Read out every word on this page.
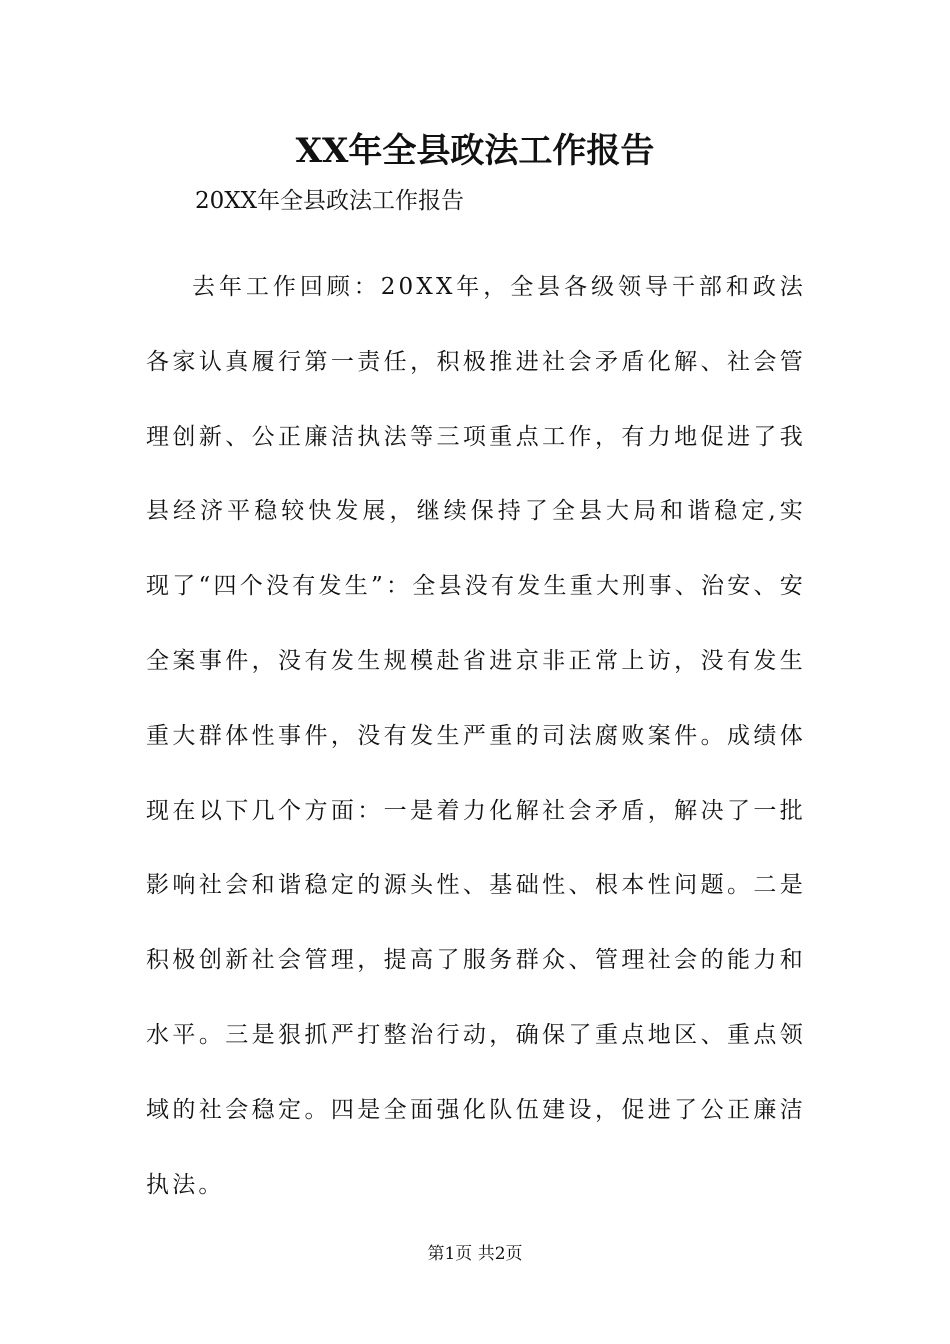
XX年全县政法工作报告
20XX年全县政法工作报告

去年工作回顾：20XX年，全县各级领导干部和政法各家认真履行第一责任，积极推进社会矛盾化解、社会管理创新、公正廉洁执法等三项重点工作，有力地促进了我县经济平稳较快发展，继续保持了全县大局和谐稳定,实现了“四个没有发生”：全县没有发生重大刑事、治安、安全案事件，没有发生规模赴省进京非正常上访，没有发生重大群体性事件，没有发生严重的司法腐败案件。成绩体现在以下几个方面：一是着力化解社会矛盾，解决了一批影响社会和谐稳定的源头性、基础性、根本性问题。二是积极创新社会管理，提高了服务群众、管理社会的能力和水平。三是狠抓严打整治行动，确保了重点地区、重点领域的社会稳定。四是全面强化队伍建设，促进了公正廉洁执法。

第1页 共2页
